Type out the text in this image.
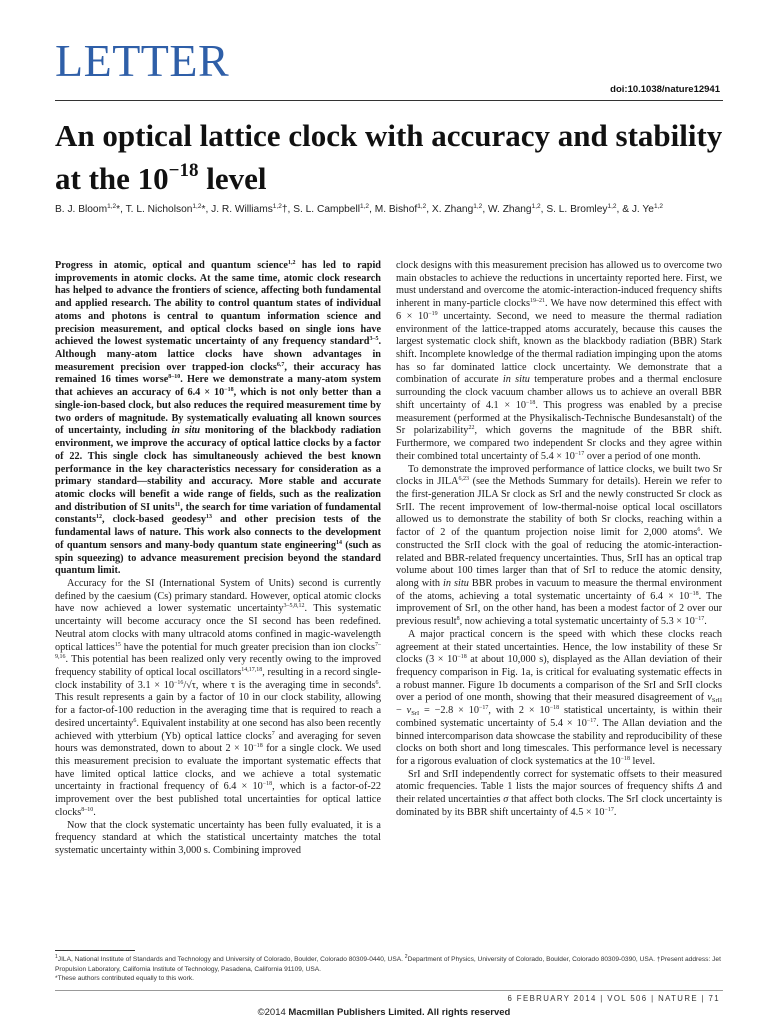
LETTER
doi:10.1038/nature12941
An optical lattice clock with accuracy and stability at the $10^{-18}$ level
B. J. Bloom$^{1,2}$*, T. L. Nicholson$^{1,2}$*, J. R. Williams$^{1,2}$†, S. L. Campbell$^{1,2}$, M. Bishof$^{1,2}$, X. Zhang$^{1,2}$, W. Zhang$^{1,2}$, S. L. Bromley$^{1,2}$, & J. Ye$^{1,2}$

Progress in atomic, optical and quantum science$^{1,2}$ has led to rapid improvements in atomic clocks. At the same time, atomic clock research has helped to advance the frontiers of science, affecting both fundamental and applied research. The ability to control quantum states of individual atoms and photons is central to quantum information science and precision measurement, and optical clocks based on single ions have achieved the lowest systematic uncertainty of any frequency standard$^{3-5}$. Although many-atom lattice clocks have shown advantages in measurement precision over trapped-ion clocks$^{6,7}$, their accuracy has remained 16 times worse$^{8-10}$. Here we demonstrate a many-atom system that achieves an accuracy of $6.4 \times 10^{-18}$, which is not only better than a single-ion-based clock, but also reduces the required measurement time by two orders of magnitude. By systematically evaluating all known sources of uncertainty, including in situ monitoring of the blackbody radiation environment, we improve the accuracy of optical lattice clocks by a factor of 22. This single clock has simultaneously achieved the best known performance in the key characteristics necessary for consideration as a primary standard—stability and accuracy. More stable and accurate atomic clocks will benefit a wide range of fields, such as the realization and distribution of SI units$^{11}$, the search for time variation of fundamental constants$^{12}$, clock-based geodesy$^{13}$ and other precision tests of the fundamental laws of nature. This work also connects to the development of quantum sensors and many-body quantum state engineering$^{14}$ (such as spin squeezing) to advance measurement precision beyond the standard quantum limit.

Accuracy for the SI (International System of Units) second is currently defined by the caesium (Cs) primary standard. However, optical atomic clocks have now achieved a lower systematic uncertainty$^{3-5,8,12}$. This systematic uncertainty will become accuracy once the SI second has been redefined. Neutral atom clocks with many ultracold atoms confined in magic-wavelength optical lattices$^{15}$ have the potential for much greater precision than ion clocks$^{7-9,16}$. This potential has been realized only very recently owing to the improved frequency stability of optical local oscillators$^{14,17,18}$, resulting in a record single-clock instability of $3.1 \times 10^{-16}/√\tau$, where τ is the averaging time in seconds$^6$. This result represents a gain by a factor of 10 in our clock stability, allowing for a factor-of-100 reduction in the averaging time that is required to reach a desired uncertainty$^6$. Equivalent instability at one second has also been recently achieved with ytterbium (Yb) optical lattice clocks$^7$ and averaging for seven hours was demonstrated, down to about $2 \times 10^{-18}$ for a single clock. We used this measurement precision to evaluate the important systematic effects that have limited optical lattice clocks, and we achieve a total systematic uncertainty in fractional frequency of $6.4 \times 10^{-18}$, which is a factor-of-22 improvement over the best published total uncertainties for optical lattice clocks$^{8-10}$.

Now that the clock systematic uncertainty has been fully evaluated, it is a frequency standard at which the statistical uncertainty matches the total systematic uncertainty within 3,000 s. Combining improved

clock designs with this measurement precision has allowed us to overcome two main obstacles to achieve the reductions in uncertainty reported here. First, we must understand and overcome the atomic-interaction-induced frequency shifts inherent in many-particle clocks$^{19-21}$. We have now determined this effect with $6 \times 10^{-19}$ uncertainty. Second, we need to measure the thermal radiation environment of the lattice-trapped atoms accurately, because this causes the largest systematic clock shift, known as the blackbody radiation (BBR) Stark shift. Incomplete knowledge of the thermal radiation impinging upon the atoms has so far dominated lattice clock uncertainty. We demonstrate that a combination of accurate in situ temperature probes and a thermal enclosure surrounding the clock vacuum chamber allows us to achieve an overall BBR shift uncertainty of $4.1 \times 10^{-18}$. This progress was enabled by a precise measurement (performed at the Physikalisch-Technische Bundesanstalt) of the Sr polarizability$^{22}$, which governs the magnitude of the BBR shift. Furthermore, we compared two independent Sr clocks and they agree within their combined total uncertainty of $5.4 \times 10^{-17}$ over a period of one month.

To demonstrate the improved performance of lattice clocks, we built two Sr clocks in JILA$^{6,23}$ (see the Methods Summary for details). Herein we refer to the first-generation JILA Sr clock as SrI and the newly constructed Sr clock as SrII. The recent improvement of low-thermal-noise optical local oscillators allowed us to demonstrate the stability of both Sr clocks, reaching within a factor of 2 of the quantum projection noise limit for 2,000 atoms$^6$. We constructed the SrII clock with the goal of reducing the atomic-interaction-related and BBR-related frequency uncertainties. Thus, SrII has an optical trap volume about 100 times larger than that of SrI to reduce the atomic density, along with in situ BBR probes in vacuum to measure the thermal environment of the atoms, achieving a total systematic uncertainty of $6.4 \times 10^{-18}$. The improvement of SrI, on the other hand, has been a modest factor of 2 over our previous result$^8$, now achieving a total systematic uncertainty of $5.3 \times 10^{-17}$.

A major practical concern is the speed with which these clocks reach agreement at their stated uncertainties. Hence, the low instability of these Sr clocks ($3 \times 10^{-18}$ at about 10,000 s), displayed as the Allan deviation of their frequency comparison in Fig. 1a, is critical for evaluating systematic effects in a robust manner. Figure 1b documents a comparison of the SrI and SrII clocks over a period of one month, showing that their measured disagreement of $\nu_{SrII} - \nu_{SrI} = -2.8 \times 10^{-17}$, with $2 \times 10^{-18}$ statistical uncertainty, is within their combined systematic uncertainty of $5.4 \times 10^{-17}$. The Allan deviation and the binned intercomparison data showcase the stability and reproducibility of these clocks on both short and long timescales. This performance level is necessary for a rigorous evaluation of clock systematics at the $10^{-18}$ level.

SrI and SrII independently correct for systematic offsets to their measured atomic frequencies. Table 1 lists the major sources of frequency shifts Δ and their related uncertainties σ that affect both clocks. The SrI clock uncertainty is dominated by its BBR shift uncertainty of $4.5 \times 10^{-17}$.

$^1$JILA, National Institute of Standards and Technology and University of Colorado, Boulder, Colorado 80309-0440, USA. $^2$Department of Physics, University of Colorado, Boulder, Colorado 80309-0390, USA. †Present address: Jet Propulsion Laboratory, California Institute of Technology, Pasadena, California 91109, USA.

*These authors contributed equally to this work.

6 FEBRUARY 2014 | VOL 506 | NATURE | 71
©2014 Macmillan Publishers Limited. All rights reserved
